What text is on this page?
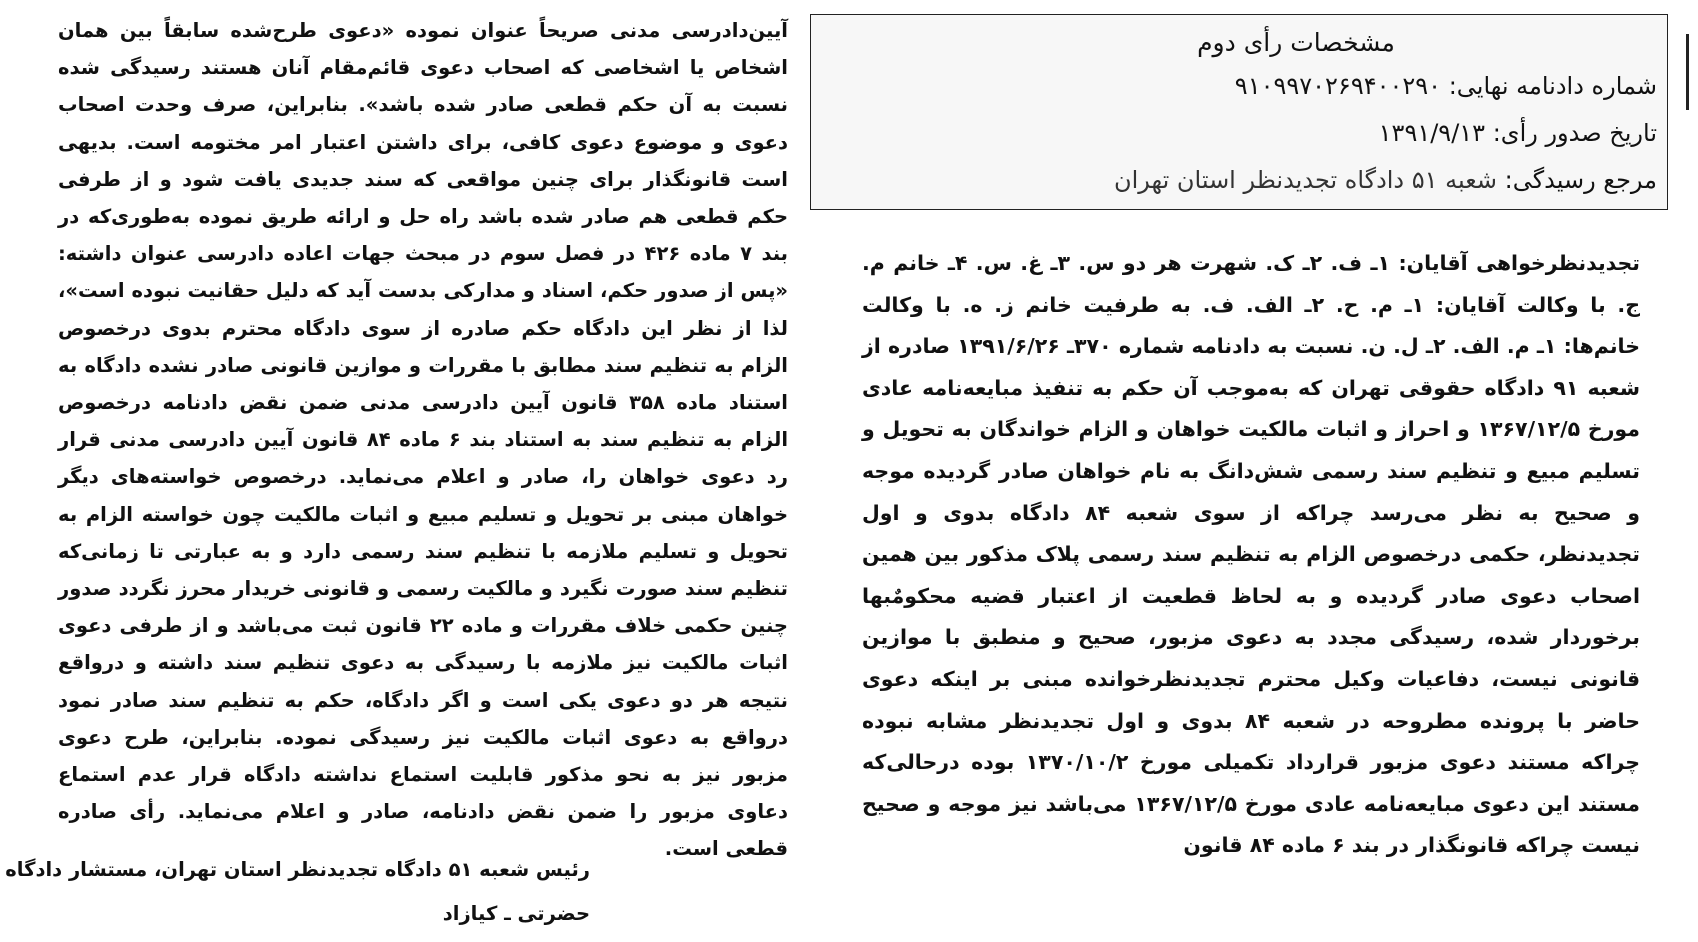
مشخصات رأی دوم
شماره دادنامه نهایی: ۹۱۰۹۹۷۰۲۶۹۴۰۰۲۹۰
تاریخ صدور رأی: ۱۳۹۱/۹/۱۳
مرجع رسیدگی: شعبه ۵۱ دادگاه تجدیدنظر استان تهران

تجدیدنظرخواهی آقایان: ۱ـ ف. ۲ـ ک. شهرت هر دو س. ۳ـ غ. س. ۴ـ خانم م. ج. با وکالت آقایان: ۱ـ م. ح. ۲ـ الف. ف. به طرفیت خانم ز. ه. با وکالت خانم‌ها: ۱ـ م. الف. ۲ـ ل. ن. نسبت به دادنامه شماره ۳۷۰ـ ۱۳۹۱/۶/۲۶ صادره از شعبه ۹۱ دادگاه حقوقی تهران که به‌موجب آن حکم به تنفیذ مبایعه‌نامه عادی مورخ ۱۳۶۷/۱۲/۵ و احراز و اثبات مالکیت خواهان و الزام خواندگان به تحویل و تسلیم مبیع و تنظیم سند رسمی شش‌دانگ به نام خواهان صادر گردیده موجه و صحیح به نظر می‌رسد چراکه از سوی شعبه ۸۴ دادگاه بدوی و اول تجدیدنظر، حکمی درخصوص الزام به تنظیم سند رسمی پلاک مذکور بین همین اصحاب دعوی صادر گردیده و به لحاظ قطعیت از اعتبار قضیه محکومٌبها برخوردار شده، رسیدگی مجدد به دعوی مزبور، صحیح و منطبق با موازین قانونی نیست، دفاعیات وکیل محترم تجدیدنظرخوانده مبنی بر اینکه دعوی حاضر با پرونده مطروحه در شعبه ۸۴ بدوی و اول تجدیدنظر مشابه نبوده چراکه مستند دعوی مزبور قرارداد تکمیلی مورخ ۱۳۷۰/۱۰/۲ بوده درحالی‌که مستند این دعوی مبایعه‌نامه عادی مورخ ۱۳۶۷/۱۲/۵ می‌باشد نیز موجه و صحیح نیست چراکه قانونگذار در بند ۶ ماده ۸۴ قانون

آیین‌دادرسی مدنی صریحاً عنوان نموده «دعوی طرح‌شده سابقاً بین همان اشخاص یا اشخاصی که اصحاب دعوی قائم‌مقام آنان هستند رسیدگی شده نسبت به آن حکم قطعی صادر شده باشد». بنابراین، صرف وحدت اصحاب دعوی و موضوع دعوی کافی، برای داشتن اعتبار امر مختومه است. بدیهی است قانونگذار برای چنین مواقعی که سند جدیدی یافت شود و از طرفی حکم قطعی هم صادر شده باشد راه حل و ارائه طریق نموده به‌طوری‌که در بند ۷ ماده ۴۲۶ در فصل سوم در مبحث جهات اعاده دادرسی عنوان داشته: «پس از صدور حکم، اسناد و مدارکی بدست آید که دلیل حقانیت نبوده است»، لذا از نظر این دادگاه حکم صادره از سوی دادگاه محترم بدوی درخصوص الزام به تنظیم سند مطابق با مقررات و موازین قانونی صادر نشده دادگاه به استناد ماده ۳۵۸ قانون آیین دادرسی مدنی ضمن نقض دادنامه درخصوص الزام به تنظیم سند به استناد بند ۶ ماده ۸۴ قانون آیین دادرسی مدنی قرار رد دعوی خواهان را، صادر و اعلام می‌نماید. درخصوص خواسته‌های دیگر خواهان مبنی بر تحویل و تسلیم مبیع و اثبات مالکیت چون خواسته الزام به تحویل و تسلیم ملازمه با تنظیم سند رسمی دارد و به عبارتی تا زمانی‌که تنظیم سند صورت نگیرد و مالکیت رسمی و قانونی خریدار محرز نگردد صدور چنین حکمی خلاف مقررات و ماده ۲۲ قانون ثبت می‌باشد و از طرفی دعوی اثبات مالکیت نیز ملازمه با رسیدگی به دعوی تنظیم سند داشته و درواقع نتیجه هر دو دعوی یکی است و اگر دادگاه، حکم به تنظیم سند صادر نمود درواقع به دعوی اثبات مالکیت نیز رسیدگی نموده. بنابراین، طرح دعوی مزبور نیز به نحو مذکور قابلیت استماع نداشته دادگاه قرار عدم استماع دعاوی مزبور را ضمن نقض دادنامه، صادر و اعلام می‌نماید. رأی صادره قطعی است.

رئیس شعبه ۵۱ دادگاه تجدیدنظر استان تهران، مستشار دادگاه
حضرتی ـ کیازاد
